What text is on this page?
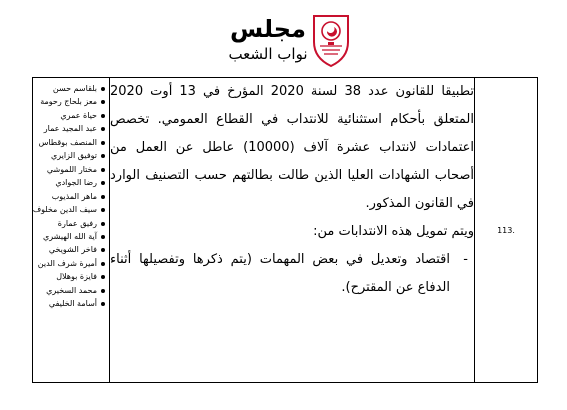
مجلس
نواب الشعب
بلقاسم حسن
معز بلحاج رحومة
حياة عمري
عبد المجيد عمار
المنصف بوقطاس
توفيق الزايري
مختار اللموشي
رضا الجوادي
ماهر المذيوب
سيف الدين مخلوف
رفيق عمارة
آية الله الهيشري
فاخر الشويخي
أميرة شرف الدين
فايزة بوهلال
محمد السخيري
أسامة الخليفي

تطبيقا للقانون عدد 38 لسنة 2020 المؤرخ في 13 أوت 2020 المتعلق بأحكام استثنائية للانتداب في القطاع العمومي. تخصص اعتمادات لانتداب عشرة آلاف (10000) عاطل عن العمل من أصحاب الشهادات العليا الذين طالت بطالتهم حسب التصنيف الوارد في القانون المذكور.

ويتم تمويل هذه الانتدابات من:

-
اقتصاد وتعديل في بعض المهمات (يتم ذكرها وتفصيلها أثناء الدفاع عن المقترح).

	113.
